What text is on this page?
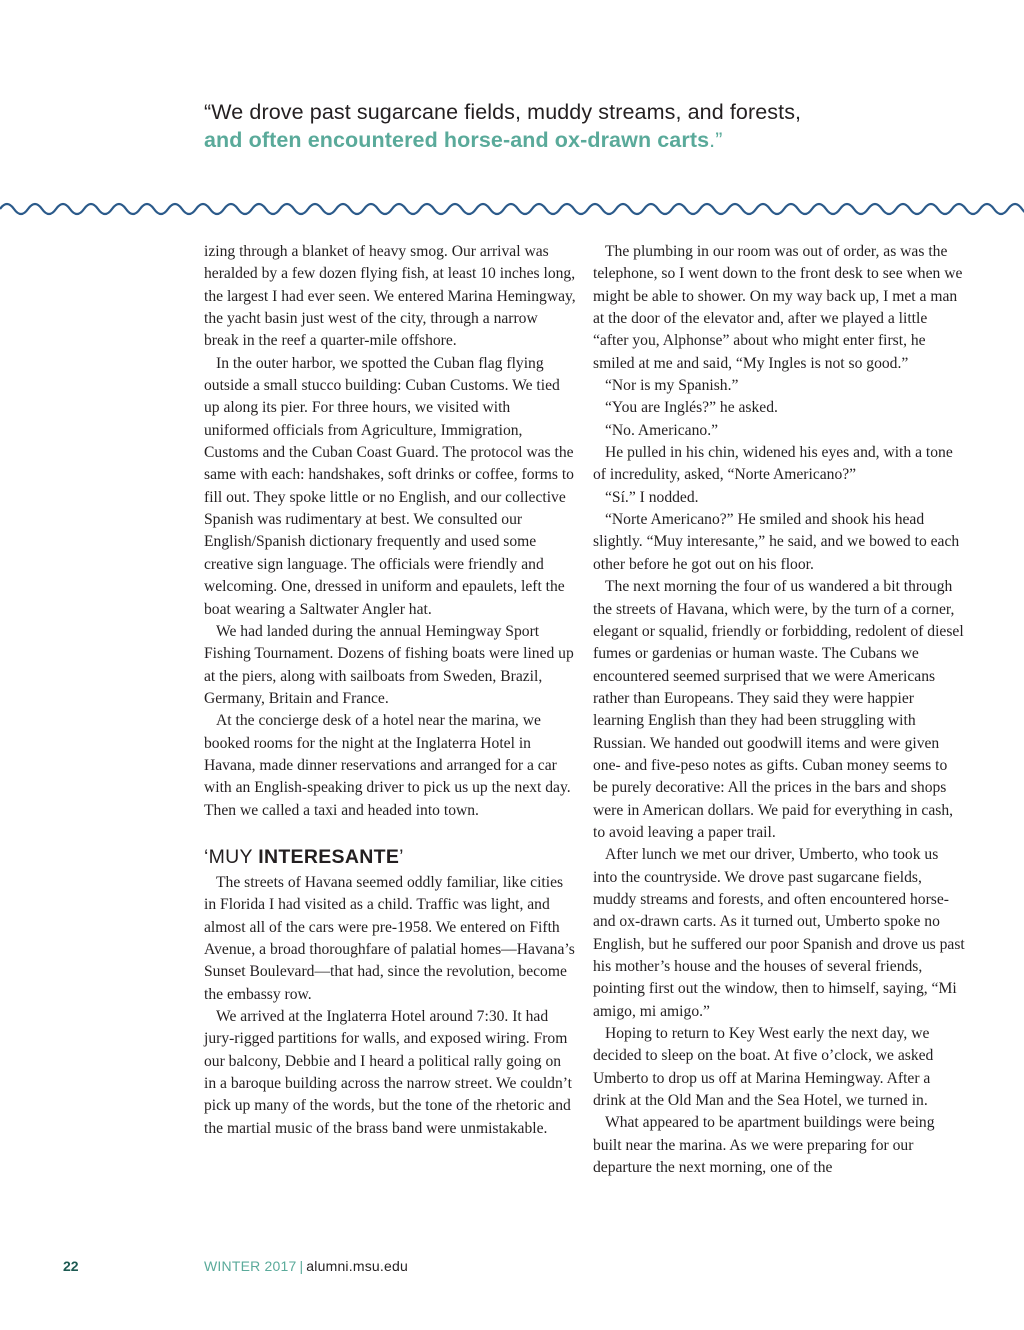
“We drove past sugarcane fields, muddy streams, and forests,
and often encountered horse-and ox-drawn carts.”

izing through a blanket of heavy smog. Our arrival was heralded by a few dozen flying fish, at least 10 inches long, the largest I had ever seen. We entered Marina Hemingway, the yacht basin just west of the city, through a narrow break in the reef a quarter-mile offshore.

In the outer harbor, we spotted the Cuban flag flying outside a small stucco building: Cuban Customs. We tied up along its pier. For three hours, we visited with uniformed officials from Agriculture, Immigration, Customs and the Cuban Coast Guard. The protocol was the same with each: handshakes, soft drinks or coffee, forms to fill out. They spoke little or no English, and our collective Spanish was rudimentary at best. We consulted our English/Spanish dictionary frequently and used some creative sign language. The officials were friendly and welcoming. One, dressed in uniform and epaulets, left the boat wearing a Saltwater Angler hat.

We had landed during the annual Hemingway Sport Fishing Tournament. Dozens of fishing boats were lined up at the piers, along with sailboats from Sweden, Brazil, Germany, Britain and France.

At the concierge desk of a hotel near the marina, we booked rooms for the night at the Inglaterra Hotel in Havana, made dinner reservations and arranged for a car with an English-speaking driver to pick us up the next day. Then we called a taxi and headed into town.

‘MUY INTERESANTE’

The streets of Havana seemed oddly familiar, like cities in Florida I had visited as a child. Traffic was light, and almost all of the cars were pre-1958. We entered on Fifth Avenue, a broad thoroughfare of palatial homes—Havana’s Sunset Boulevard—that had, since the revolution, become the embassy row.

We arrived at the Inglaterra Hotel around 7:30. It had jury-rigged partitions for walls, and exposed wiring. From our balcony, Debbie and I heard a political rally going on in a baroque building across the narrow street. We couldn’t pick up many of the words, but the tone of the rhetoric and the martial music of the brass band were unmistakable.

The plumbing in our room was out of order, as was the telephone, so I went down to the front desk to see when we might be able to shower. On my way back up, I met a man at the door of the elevator and, after we played a little “after you, Alphonse” about who might enter first, he smiled at me and said, “My Ingles is not so good.”

“Nor is my Spanish.”

“You are Inglés?” he asked.

“No. Americano.”

He pulled in his chin, widened his eyes and, with a tone of incredulity, asked, “Norte Americano?”

“Sí.” I nodded.

“Norte Americano?” He smiled and shook his head slightly. “Muy interesante,” he said, and we bowed to each other before he got out on his floor.

The next morning the four of us wandered a bit through the streets of Havana, which were, by the turn of a corner, elegant or squalid, friendly or forbidding, redolent of diesel fumes or gardenias or human waste. The Cubans we encountered seemed surprised that we were Americans rather than Europeans. They said they were happier learning English than they had been struggling with Russian. We handed out goodwill items and were given one- and five-peso notes as gifts. Cuban money seems to be purely decorative: All the prices in the bars and shops were in American dollars. We paid for everything in cash, to avoid leaving a paper trail.

After lunch we met our driver, Umberto, who took us into the countryside. We drove past sugarcane fields, muddy streams and forests, and often encountered horse- and ox-drawn carts. As it turned out, Umberto spoke no English, but he suffered our poor Spanish and drove us past his mother’s house and the houses of several friends, pointing first out the window, then to himself, saying, “Mi amigo, mi amigo.”

Hoping to return to Key West early the next day, we decided to sleep on the boat. At five o’clock, we asked Umberto to drop us off at Marina Hemingway. After a drink at the Old Man and the Sea Hotel, we turned in.

What appeared to be apartment buildings were being built near the marina. As we were preparing for our departure the next morning, one of the

22	WINTER 2017 | alumni.msu.edu
